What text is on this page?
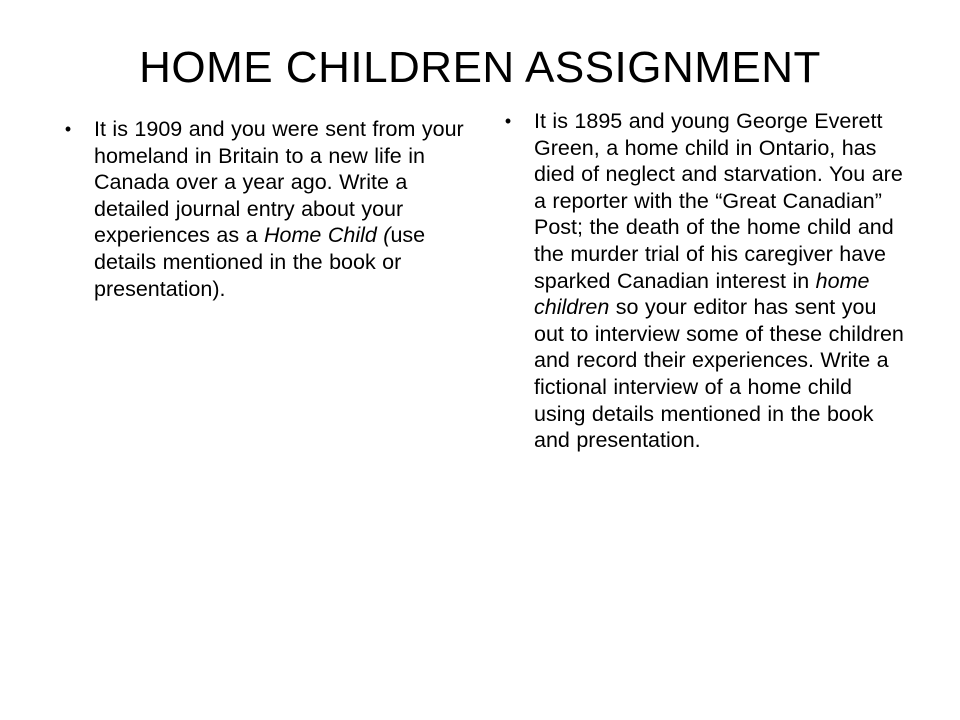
HOME CHILDREN ASSIGNMENT
• It is 1909 and you were sent from your homeland in Britain to a new life in Canada over a year ago. Write a detailed journal entry about your experiences as a Home Child (use details mentioned in the book or presentation).
• It is 1895 and young George Everett Green, a home child in Ontario, has died of neglect and starvation. You are a reporter with the “Great Canadian” Post; the death of the home child and the murder trial of his caregiver have sparked Canadian interest in home children so your editor has sent you out to interview some of these children and record their experiences. Write a fictional interview of a home child using details mentioned in the book and presentation.
